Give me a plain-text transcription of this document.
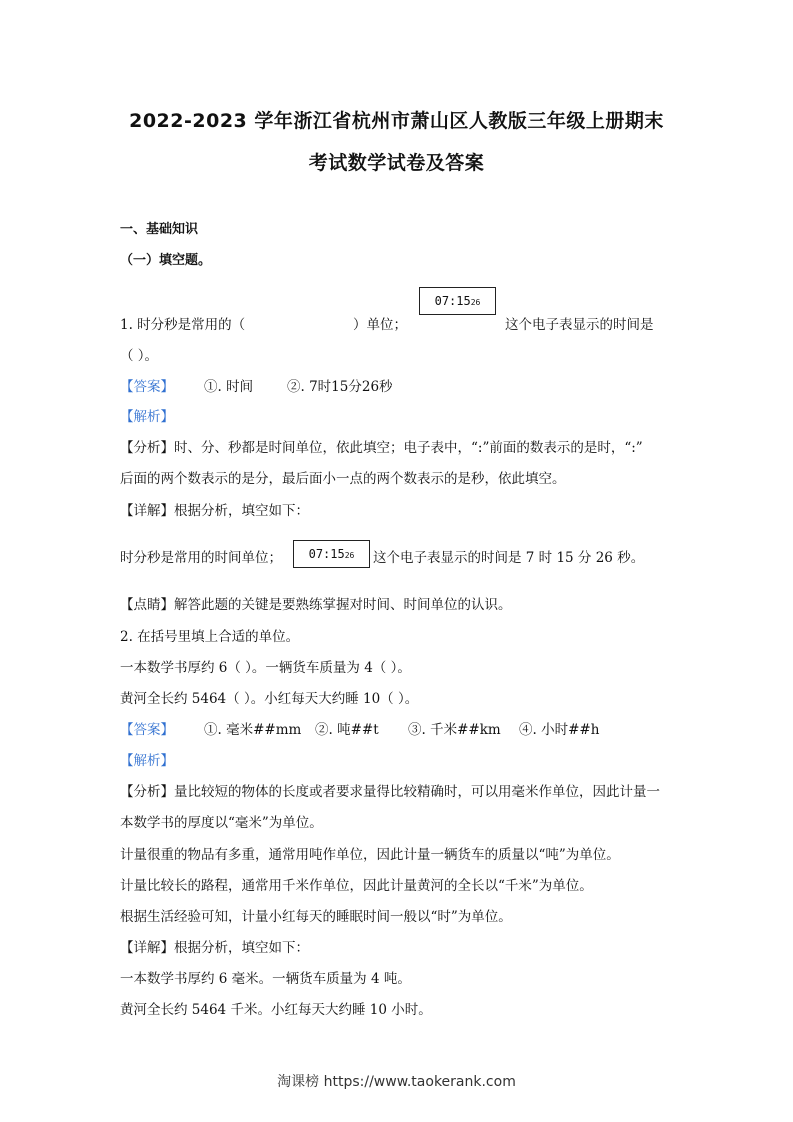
2022-2023 学年浙江省杭州市萧山区人教版三年级上册期末
考试数学试卷及答案
一、基础知识
（一）填空题。
$07:15_{26}$
1. 时分秒是常用的（	）单位；	这个电子表显示的时间是
（ ）。
【答案】 ①. 时间	②. 7时15分26秒
【解析】
【分析】时、分、秒都是时间单位，依此填空；电子表中，“:”前面的数表示的是时，“:”
后面的两个数表示的是分，最后面小一点的两个数表示的是秒，依此填空。
【详解】根据分析，填空如下：
时分秒是常用的时间单位； $07:15_{26}$ 这个电子表显示的时间是 7 时 15 分 26 秒。
【点睛】解答此题的关键是要熟练掌握对时间、时间单位的认识。
2. 在括号里填上合适的单位。
一本数学书厚约 6（ ）。一辆货车质量为 4（ ）。
黄河全长约 5464（ ）。小红每天大约睡 10（ ）。
【答案】 ①. 毫米##mm ②. 吨##t ③. 千米##km ④. 小时##h
【解析】
【分析】量比较短的物体的长度或者要求量得比较精确时，可以用毫米作单位，因此计量一
本数学书的厚度以“毫米”为单位。
计量很重的物品有多重，通常用吨作单位，因此计量一辆货车的质量以“吨”为单位。
计量比较长的路程，通常用千米作单位，因此计量黄河的全长以“千米”为单位。
根据生活经验可知，计量小红每天的睡眠时间一般以“时”为单位。
【详解】根据分析，填空如下：
一本数学书厚约 6 毫米。一辆货车质量为 4 吨。
黄河全长约 5464 千米。小红每天大约睡 10 小时。
淘课榜 https://www.taokerank.com
